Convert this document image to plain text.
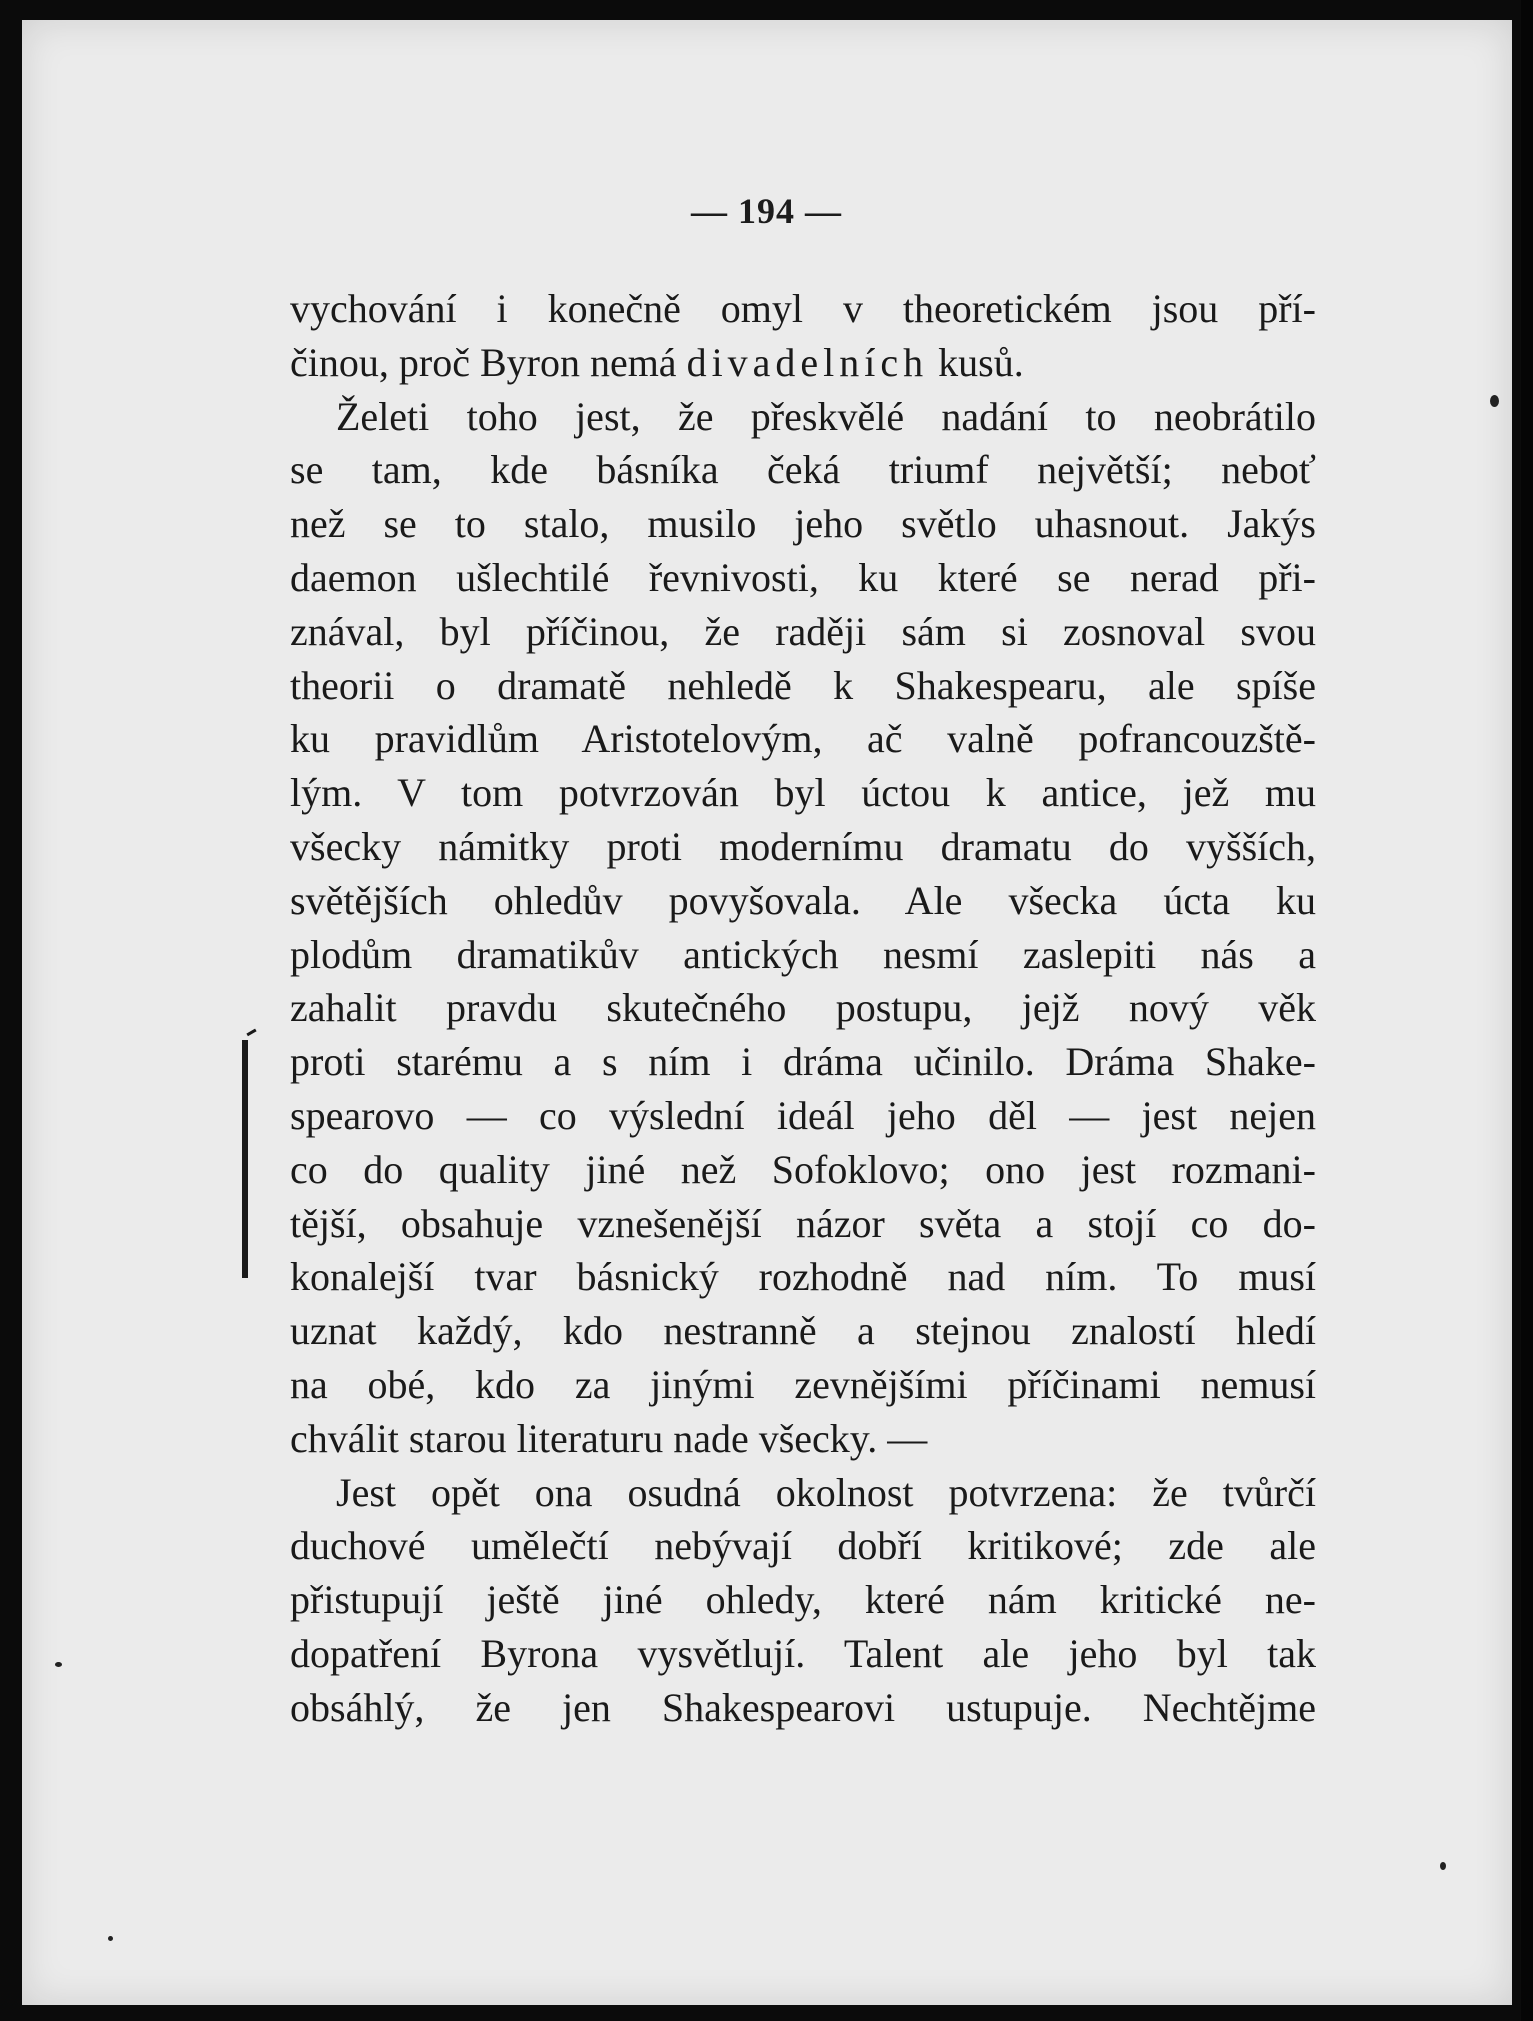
— 194 —
vychování i konečně omyl v theoretickém jsou pří-
činou, proč Byron nemá divadelních kusů.
Želeti toho jest, že přeskvělé nadání to neobrátilo
se tam, kde básníka čeká triumf největší; neboť
než se to stalo, musilo jeho světlo uhasnout. Jakýs
daemon ušlechtilé řevnivosti, ku které se nerad při-
znával, byl příčinou, že raději sám si zosnoval svou
theorii o dramatě nehledě k Shakespearu, ale spíše
ku pravidlům Aristotelovým, ač valně pofrancouzště-
lým. V tom potvrzován byl úctou k antice, jež mu
všecky námitky proti modernímu dramatu do vyšších,
světějších ohledův povyšovala. Ale všecka úcta ku
plodům dramatikův antických nesmí zaslepiti nás a
zahalit pravdu skutečného postupu, jejž nový věk
proti starému a s ním i dráma učinilo. Dráma Shake-
spearovo — co výslední ideál jeho děl — jest nejen
co do quality jiné než Sofoklovo; ono jest rozmani-
tější, obsahuje vznešenější názor světa a stojí co do-
konalejší tvar básnický rozhodně nad ním. To musí
uznat každý, kdo nestranně a stejnou znalostí hledí
na obé, kdo za jinými zevnějšími příčinami nemusí
chválit starou literaturu nade všecky. —
Jest opět ona osudná okolnost potvrzena: že tvůrčí
duchové umělečtí nebývají dobří kritikové; zde ale
přistupují ještě jiné ohledy, které nám kritické ne-
dopatření Byrona vysvětlují. Talent ale jeho byl tak
obsáhlý, že jen Shakespearovi ustupuje. Nechtějme
